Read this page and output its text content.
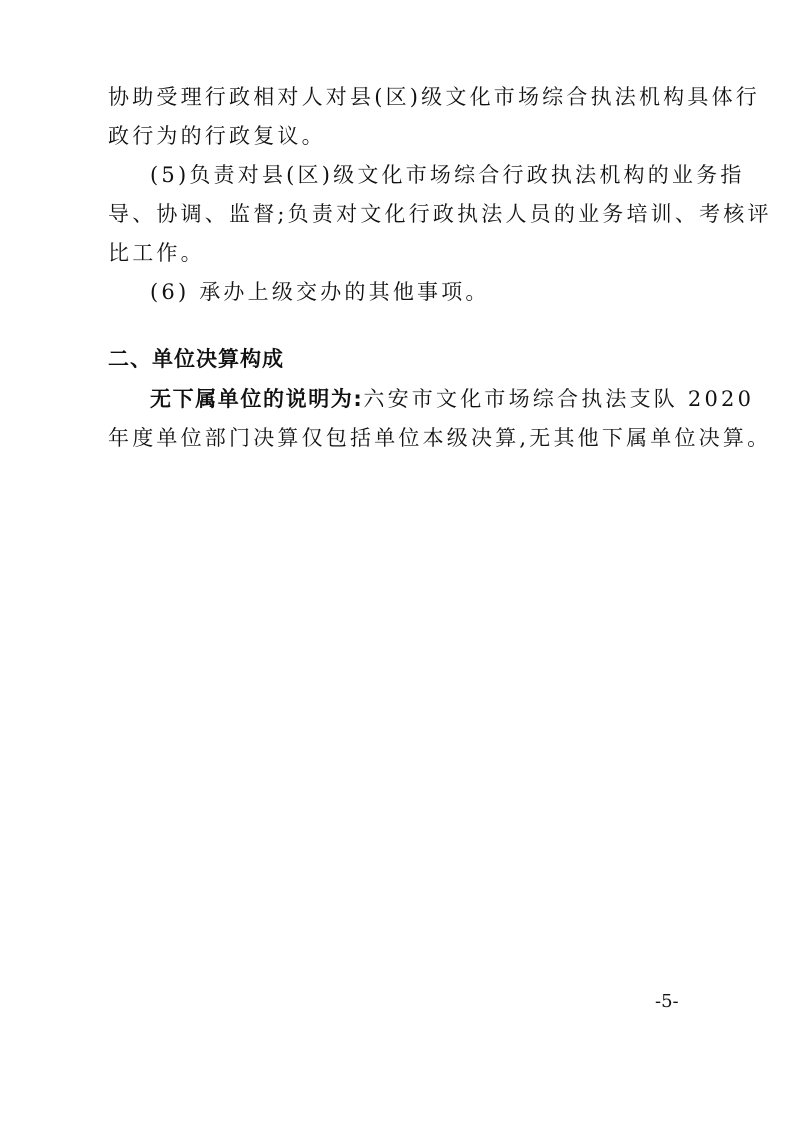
协助受理行政相对人对县(区)级文化市场综合执法机构具体行
政行为的行政复议。
(5)负责对县(区)级文化市场综合行政执法机构的业务指
导、协调、监督;负责对文化行政执法人员的业务培训、考核评
比工作。
(6) 承办上级交办的其他事项。
二、单位决算构成
无下属单位的说明为:六安市文化市场综合执法支队 2020
年度单位部门决算仅包括单位本级决算,无其他下属单位决算。
-5-
